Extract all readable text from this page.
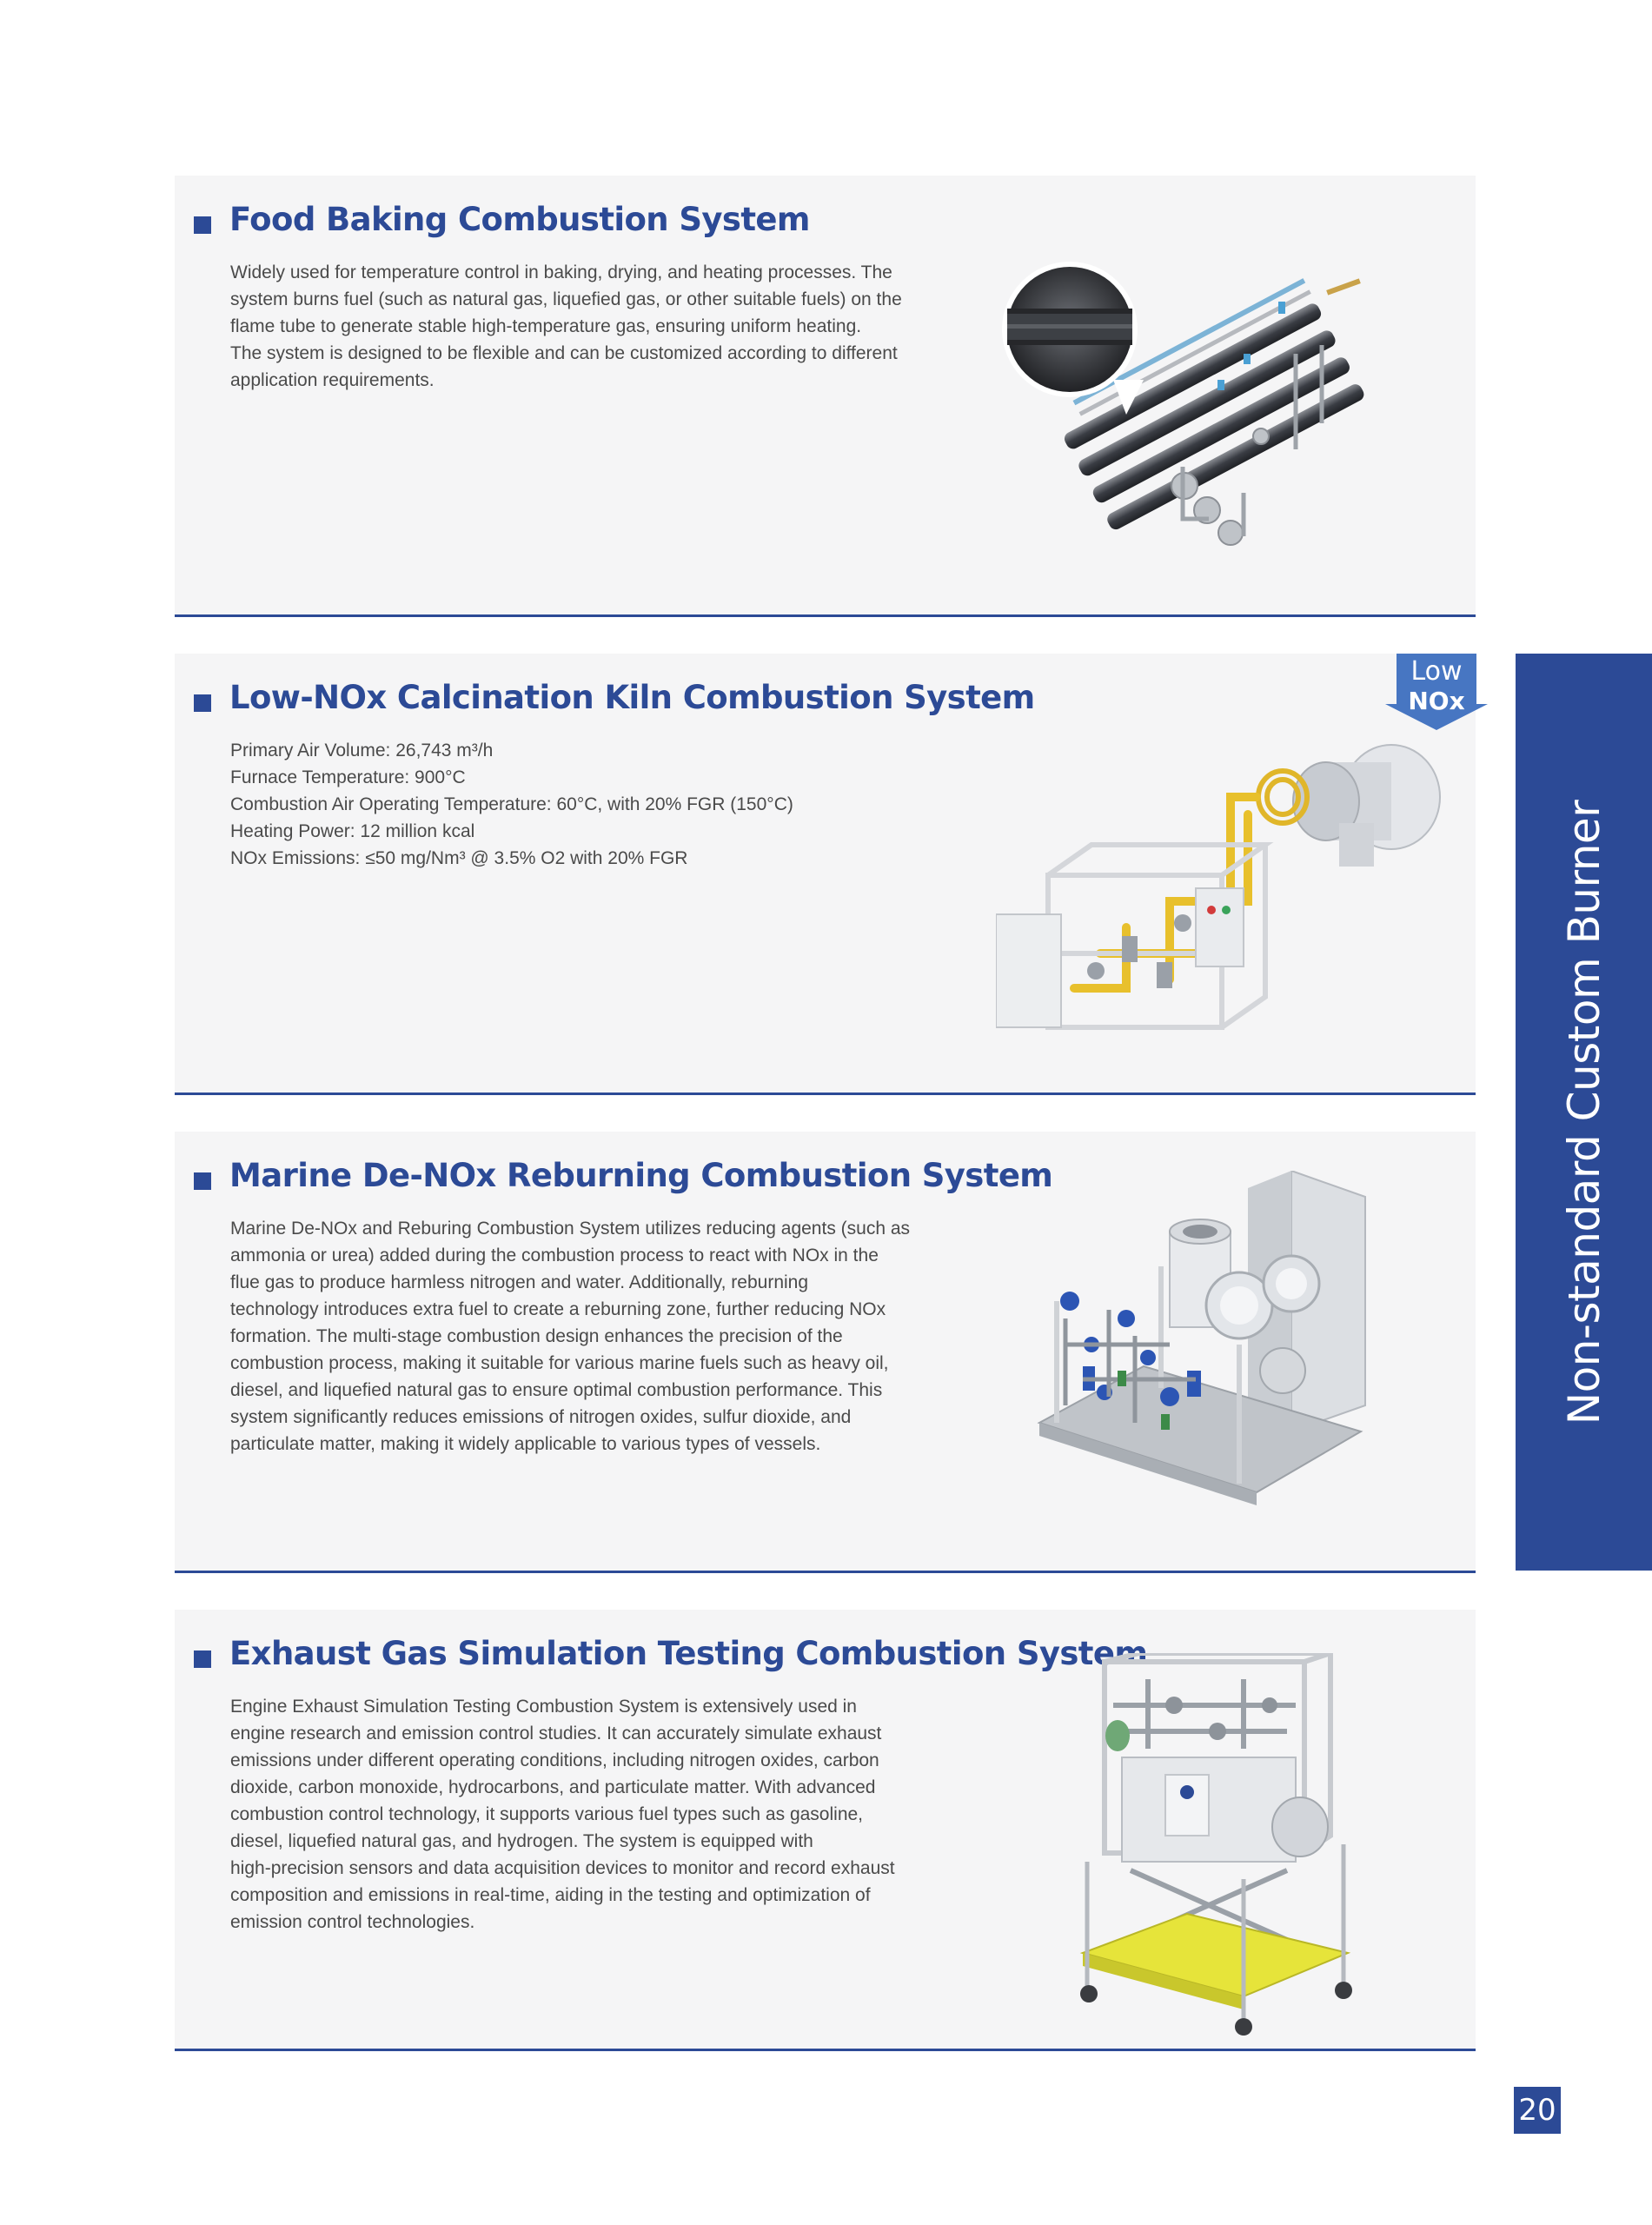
Food Baking Combustion System

Widely used for temperature control in baking, drying, and heating processes. The

system burns fuel (such as natural gas, liquefied gas, or other suitable fuels) on the

flame tube to generate stable high-temperature gas, ensuring uniform heating.

The system is designed to be flexible and can be customized according to different

application requirements.

Low-NOx Calcination Kiln Combustion System
Primary Air Volume: 26,743 m³/h
Furnace Temperature: 900°C
Combustion Air Operating Temperature: 60°C, with 20% FGR (150°C)
Heating Power: 12 million kcal
NOx Emissions: ≤50 mg/Nm³ @ 3.5% O2 with 20% FGR
Low
NOx
Marine De-NOx Reburning Combustion System

Marine De-NOx and Reburing Combustion System utilizes reducing agents (such as

ammonia or urea) added during the combustion process to react with NOx in the

flue gas to produce harmless nitrogen and water. Additionally, reburning

technology introduces extra fuel to create a reburning zone, further reducing NOx

formation. The multi-stage combustion design enhances the precision of the

combustion process, making it suitable for various marine fuels such as heavy oil,

diesel, and liquefied natural gas to ensure optimal combustion performance. This

system significantly reduces emissions of nitrogen oxides, sulfur dioxide, and

particulate matter, making it widely applicable to various types of vessels.

Exhaust Gas Simulation Testing Combustion System

Engine Exhaust Simulation Testing Combustion System is extensively used in

engine research and emission control studies. It can accurately simulate exhaust

emissions under different operating conditions, including nitrogen oxides, carbon

dioxide, carbon monoxide, hydrocarbons, and particulate matter. With advanced

combustion control technology, it supports various fuel types such as gasoline,

diesel, liquefied natural gas, and hydrogen. The system is equipped with

high-precision sensors and data acquisition devices to monitor and record exhaust

composition and emissions in real-time, aiding in the testing and optimization of

emission control technologies.

Non-standard Custom Burner
20
